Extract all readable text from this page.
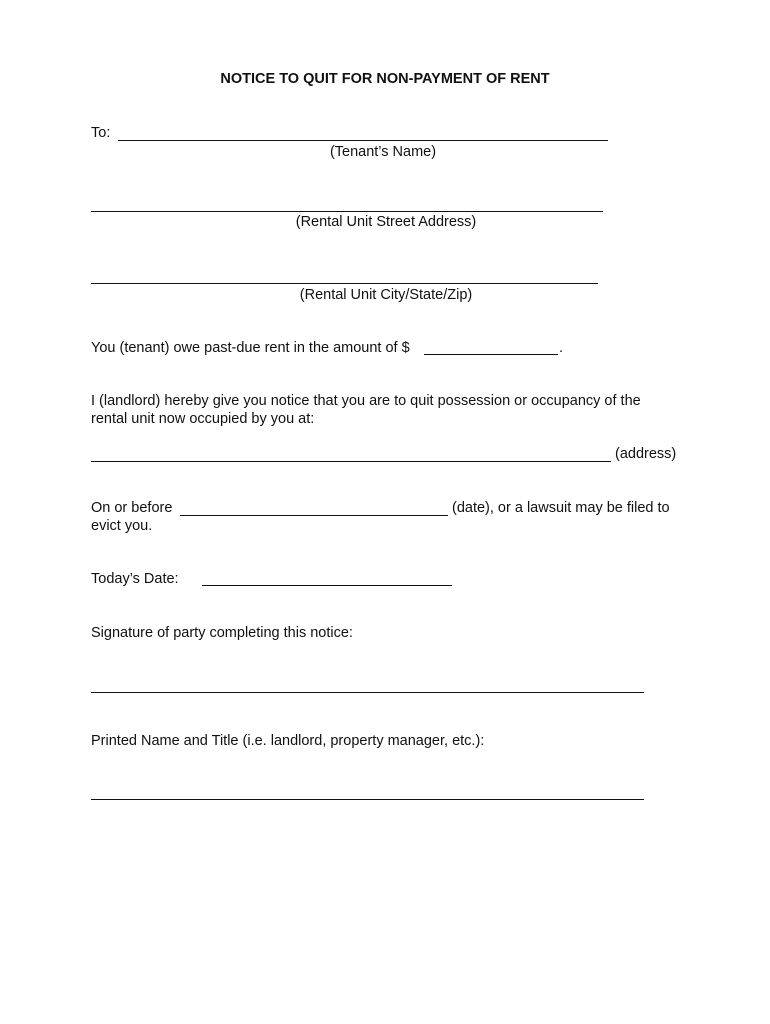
NOTICE TO QUIT FOR NON-PAYMENT OF RENT
To:
(Tenant’s Name)
(Rental Unit Street Address)
(Rental Unit City/State/Zip)
You (tenant) owe past-due rent in the amount of $	.
I (landlord) hereby give you notice that you are to quit possession or occupancy of the
rental unit now occupied by you at:
(address)
On or before	(date), or a lawsuit may be filed to
evict you.
Today’s Date:
Signature of party completing this notice:
Printed Name and Title (i.e. landlord, property manager, etc.):
